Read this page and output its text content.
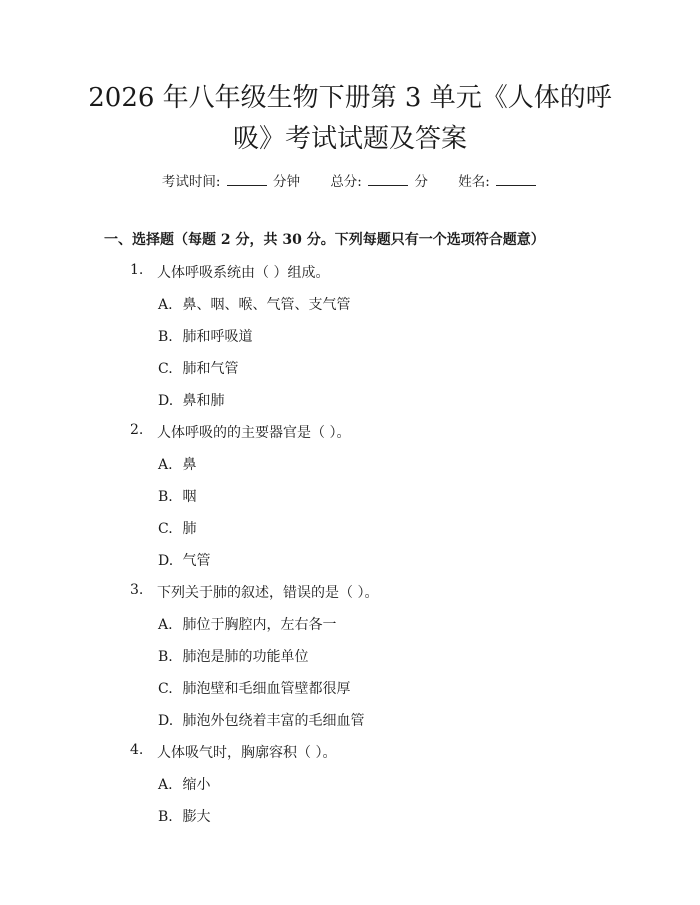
2026 年八年级生物下册第 3 单元《人体的呼
吸》考试试题及答案
考试时间:	分钟 总分:	分 姓名:
一、选择题（每题 2 分，共 30 分。下列每题只有一个选项符合题意）
1. 人体呼吸系统由（ ）组成。
A. 鼻、咽、喉、气管、支气管
B. 肺和呼吸道
C. 肺和气管
D. 鼻和肺
2. 人体呼吸的的主要器官是（ ）。
A. 鼻
B. 咽
C. 肺
D. 气管
3. 下列关于肺的叙述，错误的是（ ）。
A. 肺位于胸腔内，左右各一
B. 肺泡是肺的功能单位
C. 肺泡壁和毛细血管壁都很厚
D. 肺泡外包绕着丰富的毛细血管
4. 人体吸气时，胸廓容积（ ）。
A. 缩小
B. 膨大
